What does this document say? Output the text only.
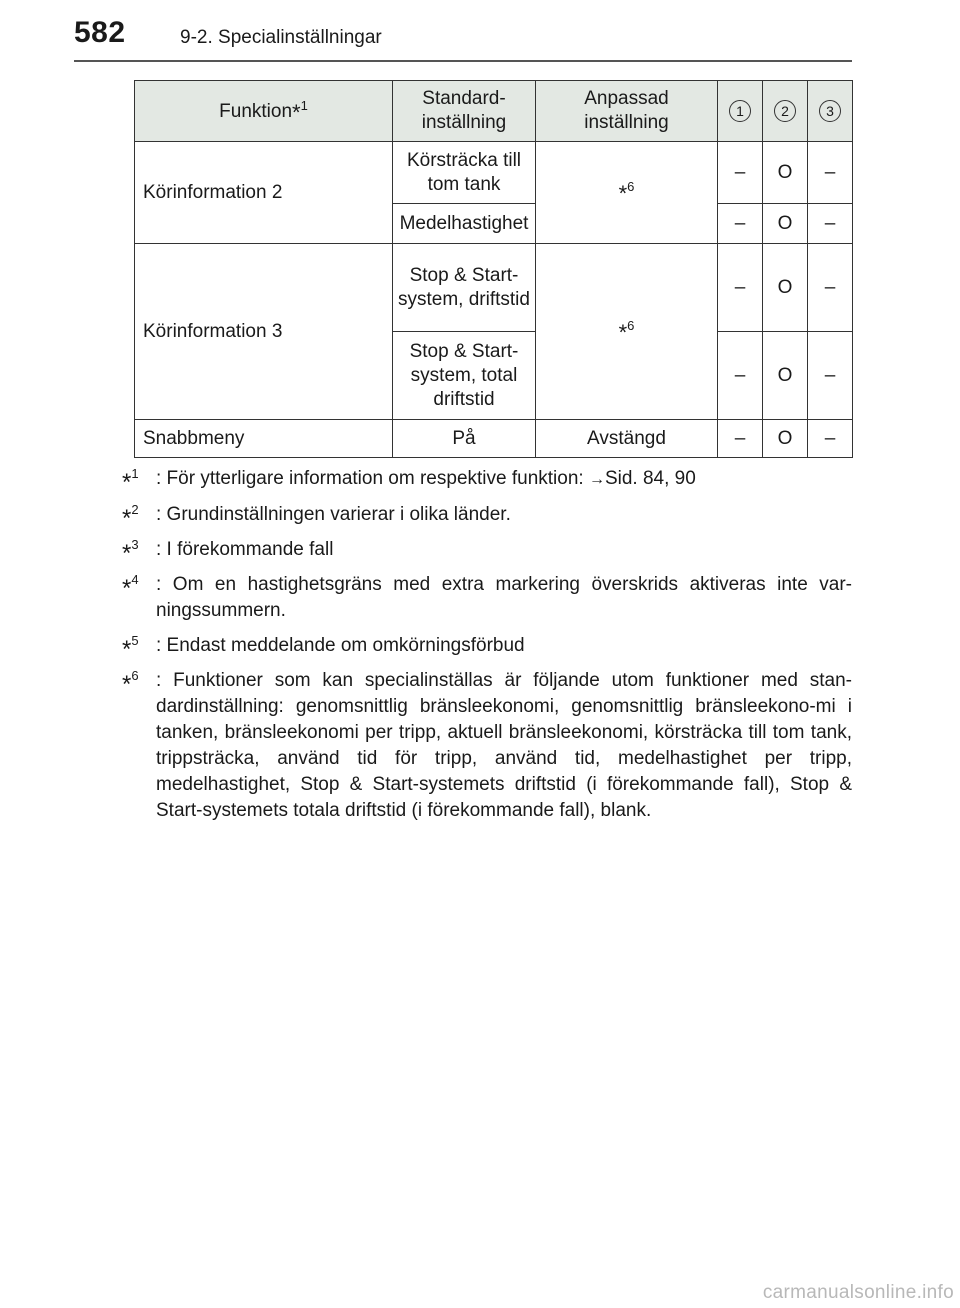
582	9-2. Specialinställningar
Funktion*$^1$	Standard-inställning	Anpassad inställning	1	2	3
Körinformation 2	Körsträcka till tom tank	*$^6$	–	O	–
	Medelhastighet		–	O	–
Körinformation 3	Stop & Start-system, driftstid	*$^6$	–	O	–
	Stop & Start-system, total driftstid		–	O	–
Snabbmeny	På	Avstängd	–	O	–
*$^1$ : För ytterligare information om respektive funktion: →Sid. 84, 90
*$^2$ : Grundinställningen varierar i olika länder.
*$^3$ : I förekommande fall
*$^4$ : Om en hastighetsgräns med extra markering överskrids aktiveras inte var-ningssummern.
*$^5$ : Endast meddelande om omkörningsförbud
*$^6$ : Funktioner som kan specialinställas är följande utom funktioner med stan-dardinställning: genomsnittlig bränsleekonomi, genomsnittlig bränsleekono-mi i tanken, bränsleekonomi per tripp, aktuell bränsleekonomi, körsträcka till tom tank, trippsträcka, använd tid för tripp, använd tid, medelhastighet per tripp, medelhastighet, Stop & Start-systemets driftstid (i förekommande fall), Stop & Start-systemets totala driftstid (i förekommande fall), blank.
carmanualsonline.info
